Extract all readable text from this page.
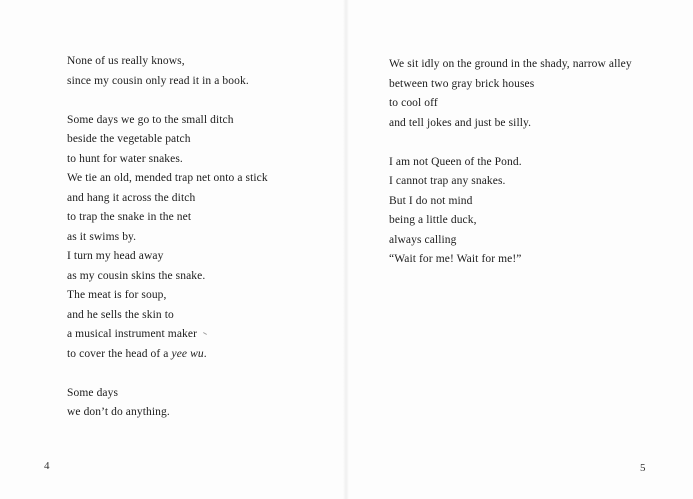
None of us really knows,
since my cousin only read it in a book.
Some days we go to the small ditch
beside the vegetable patch
to hunt for water snakes.
We tie an old, mended trap net onto a stick
and hang it across the ditch
to trap the snake in the net
as it swims by.
I turn my head away
as my cousin skins the snake.
The meat is for soup,
and he sells the skin to
a musical instrument maker
to cover the head of a yee wu.
Some days
we don’t do anything.
We sit idly on the ground in the shady, narrow alley
between two gray brick houses
to cool off
and tell jokes and just be silly.
I am not Queen of the Pond.
I cannot trap any snakes.
But I do not mind
being a little duck,
always calling
“Wait for me! Wait for me!”
4	5
